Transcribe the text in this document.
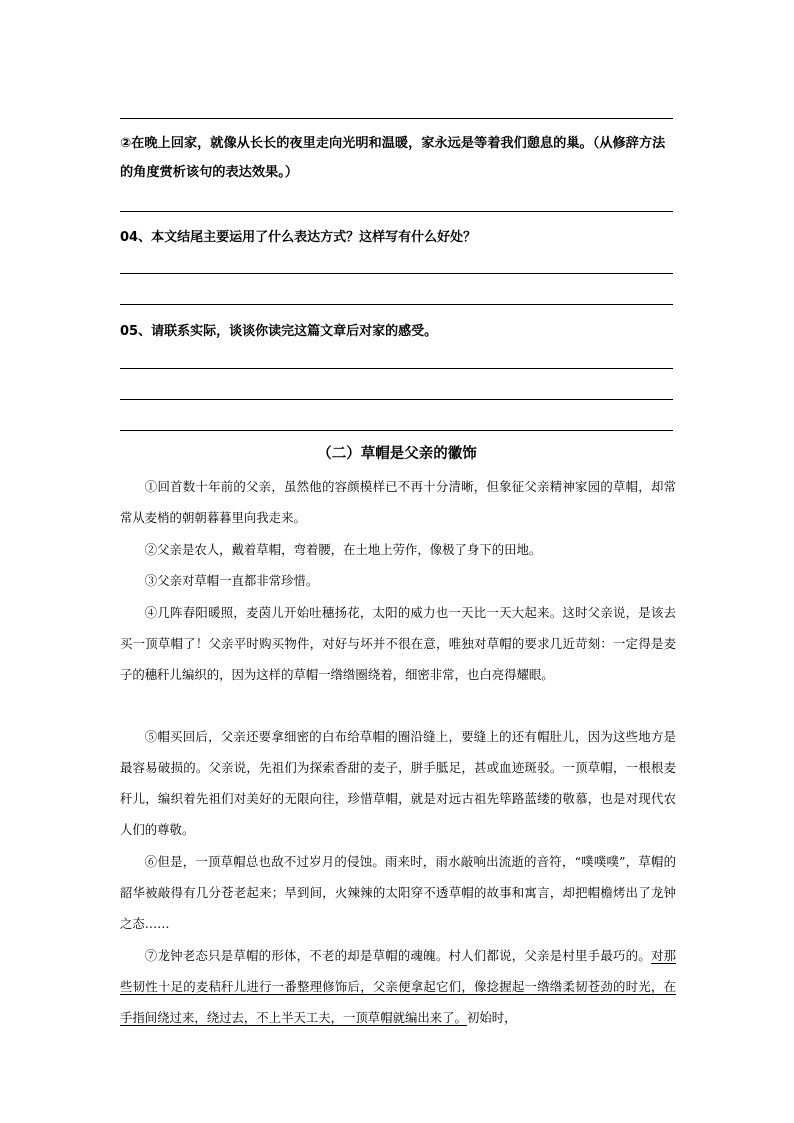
②在晚上回家，就像从长长的夜里走向光明和温暖，家永远是等着我们憩息的巢。（从修辞方法的角度赏析该句的表达效果。）
04、本文结尾主要运用了什么表达方式？这样写有什么好处？
05、请联系实际，谈谈你读完这篇文章后对家的感受。
（二）草帽是父亲的徽饰
①回首数十年前的父亲，虽然他的容颜模样已不再十分清晰，但象征父亲精神家园的草帽，却常常从麦梢的朝朝暮暮里向我走来。
②父亲是农人，戴着草帽，弯着腰，在土地上劳作，像极了身下的田地。
③父亲对草帽一直都非常珍惜。
④几阵春阳暖照，麦茵儿开始吐穗扬花，太阳的威力也一天比一天大起来。这时父亲说，是该去买一顶草帽了！父亲平时购买物件，对好与坏并不很在意，唯独对草帽的要求几近苛刻：一定得是麦子的穗秆儿编织的，因为这样的草帽一绺绺圈绕着，细密非常，也白亮得耀眼。
⑤帽买回后，父亲还要拿细密的白布给草帽的圈沿缝上，要缝上的还有帽肚儿，因为这些地方是最容易破损的。父亲说，先祖们为探索香甜的麦子，胼手胝足，甚或血迹斑驳。一顶草帽，一根根麦秆儿，编织着先祖们对美好的无限向往，珍惜草帽，就是对远古祖先筚路蓝缕的敬慕，也是对现代农人们的尊敬。
⑥但是，一顶草帽总也敌不过岁月的侵蚀。雨来时，雨水敲响出流逝的音符，“噗噗噗”，草帽的韶华被敲得有几分苍老起来；旱到间，火辣辣的太阳穿不透草帽的故事和寓言，却把帽檐烤出了龙钟之态……
⑦龙钟老态只是草帽的形体，不老的却是草帽的魂魄。村人们都说，父亲是村里手最巧的。对那些韧性十足的麦秸秆儿进行一番整理修饰后，父亲便拿起它们，像捻握起一绺绺柔韧苍劲的时光，在手指间绕过来，绕过去，不上半天工夫，一顶草帽就编出来了。初始时，
